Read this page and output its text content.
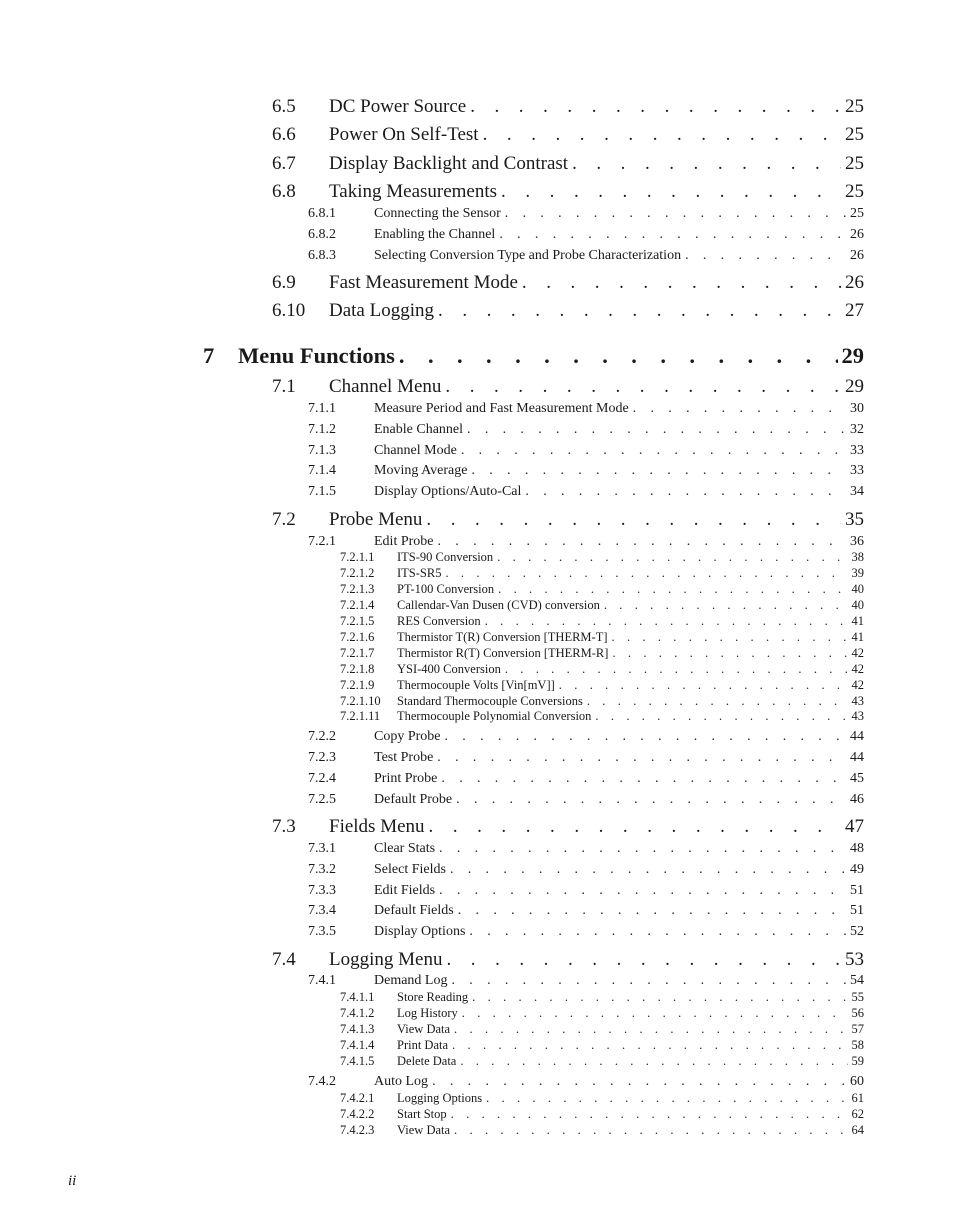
6.5	DC Power Source . . .	25
6.6	Power On Self-Test . . .	25
6.7	Display Backlight and Contrast . . .	25
6.8	Taking Measurements . . .	25
6.8.1	Connecting the Sensor . . .	25
6.8.2	Enabling the Channel . . .	26
6.8.3	Selecting Conversion Type and Probe Characterization . . .	26
6.9	Fast Measurement Mode . . .	26
6.10	Data Logging . . .	27
7	Menu Functions . . .	29
7.1	Channel Menu . . .	29
7.1.1	Measure Period and Fast Measurement Mode . . .	30
7.1.2	Enable Channel . . .	32
7.1.3	Channel Mode . . .	33
7.1.4	Moving Average . . .	33
7.1.5	Display Options/Auto-Cal . . .	34
7.2	Probe Menu . . .	35
7.2.1	Edit Probe . . .	36
7.2.1.1	ITS-90 Conversion . . .	38
7.2.1.2	ITS-SR5 . . .	39
7.2.1.3	PT-100 Conversion . . .	40
7.2.1.4	Callendar-Van Dusen (CVD) conversion . . .	40
7.2.1.5	RES Conversion . . .	41
7.2.1.6	Thermistor T(R) Conversion [THERM-T] . . .	41
7.2.1.7	Thermistor R(T) Conversion [THERM-R] . . .	42
7.2.1.8	YSI-400 Conversion . . .	42
7.2.1.9	Thermocouple Volts [Vin[mV]] . . .	42
7.2.1.10	Standard Thermocouple Conversions . . .	43
7.2.1.11	Thermocouple Polynomial Conversion . . .	43
7.2.2	Copy Probe . . .	44
7.2.3	Test Probe . . .	44
7.2.4	Print Probe . . .	45
7.2.5	Default Probe . . .	46
7.3	Fields Menu . . .	47
7.3.1	Clear Stats . . .	48
7.3.2	Select Fields . . .	49
7.3.3	Edit Fields . . .	51
7.3.4	Default Fields . . .	51
7.3.5	Display Options . . .	52
7.4	Logging Menu . . .	53
7.4.1	Demand Log . . .	54
7.4.1.1	Store Reading . . .	55
7.4.1.2	Log History . . .	56
7.4.1.3	View Data . . .	57
7.4.1.4	Print Data . . .	58
7.4.1.5	Delete Data . . .	59
7.4.2	Auto Log . . .	60
7.4.2.1	Logging Options . . .	61
7.4.2.2	Start Stop . . .	62
7.4.2.3	View Data . . .	64
ii
